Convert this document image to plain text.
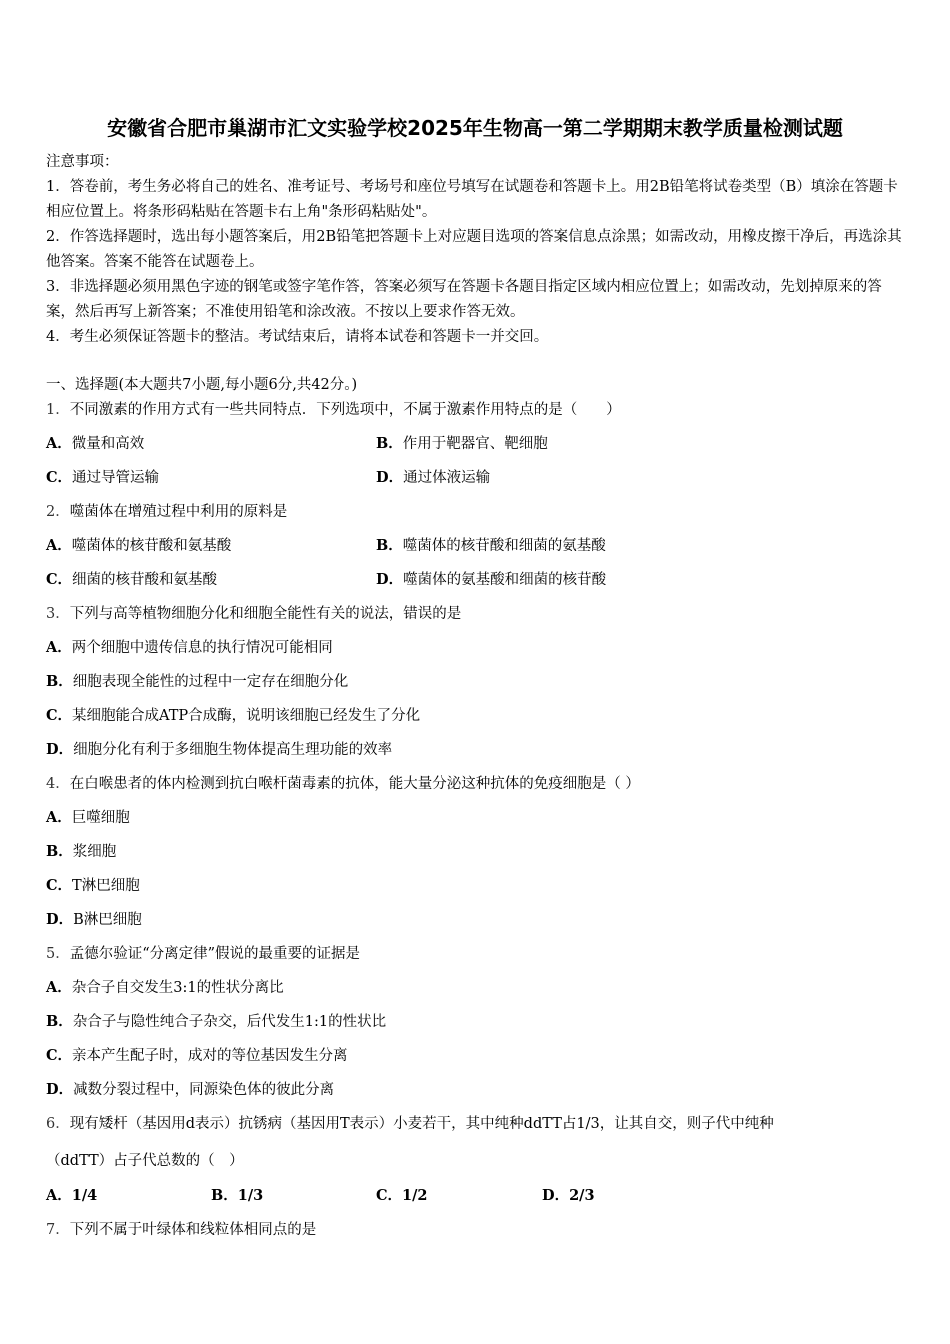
安徽省合肥市巢湖市汇文实验学校2025年生物高一第二学期期末教学质量检测试题

注意事项：

1．答卷前，考生务必将自己的姓名、准考证号、考场号和座位号填写在试题卷和答题卡上。用2B铅笔将试卷类型（B）填涂在答题卡相应位置上。将条形码粘贴在答题卡右上角"条形码粘贴处"。

2．作答选择题时，选出每小题答案后，用2B铅笔把答题卡上对应题目选项的答案信息点涂黑；如需改动，用橡皮擦干净后，再选涂其他答案。答案不能答在试题卷上。

3．非选择题必须用黑色字迹的钢笔或签字笔作答，答案必须写在答题卡各题目指定区域内相应位置上；如需改动，先划掉原来的答案，然后再写上新答案；不准使用铅笔和涂改液。不按以上要求作答无效。

4．考生必须保证答题卡的整洁。考试结束后，请将本试卷和答题卡一并交回。

一、选择题(本大题共7小题,每小题6分,共42分。)
1．不同激素的作用方式有一些共同特点．下列选项中，不属于激素作用特点的是（　　）
A．微量和高效	B．作用于靶器官、靶细胞
C．通过导管运输	D．通过体液运输
2．噬菌体在增殖过程中利用的原料是
A．噬菌体的核苷酸和氨基酸	B．噬菌体的核苷酸和细菌的氨基酸
C．细菌的核苷酸和氨基酸	D．噬菌体的氨基酸和细菌的核苷酸
3．下列与高等植物细胞分化和细胞全能性有关的说法，错误的是
A．两个细胞中遗传信息的执行情况可能相同
B．细胞表现全能性的过程中一定存在细胞分化
C．某细胞能合成ATP合成酶，说明该细胞已经发生了分化
D．细胞分化有利于多细胞生物体提高生理功能的效率
4．在白喉患者的体内检测到抗白喉杆菌毒素的抗体，能大量分泌这种抗体的免疫细胞是（ ）
A．巨噬细胞
B．浆细胞
C．T淋巴细胞
D．B淋巴细胞
5．孟德尔验证“分离定律”假说的最重要的证据是
A．杂合子自交发生3:1的性状分离比
B．杂合子与隐性纯合子杂交，后代发生1:1的性状比
C．亲本产生配子时，成对的等位基因发生分离
D．减数分裂过程中，同源染色体的彼此分离
6．现有矮杆（基因用d表示）抗锈病（基因用T表示）小麦若干，其中纯种ddTT占1/3，让其自交，则子代中纯种
（ddTT）占子代总数的（　）
A．1/4	B．1/3	C．1/2	D．2/3
7．下列不属于叶绿体和线粒体相同点的是
